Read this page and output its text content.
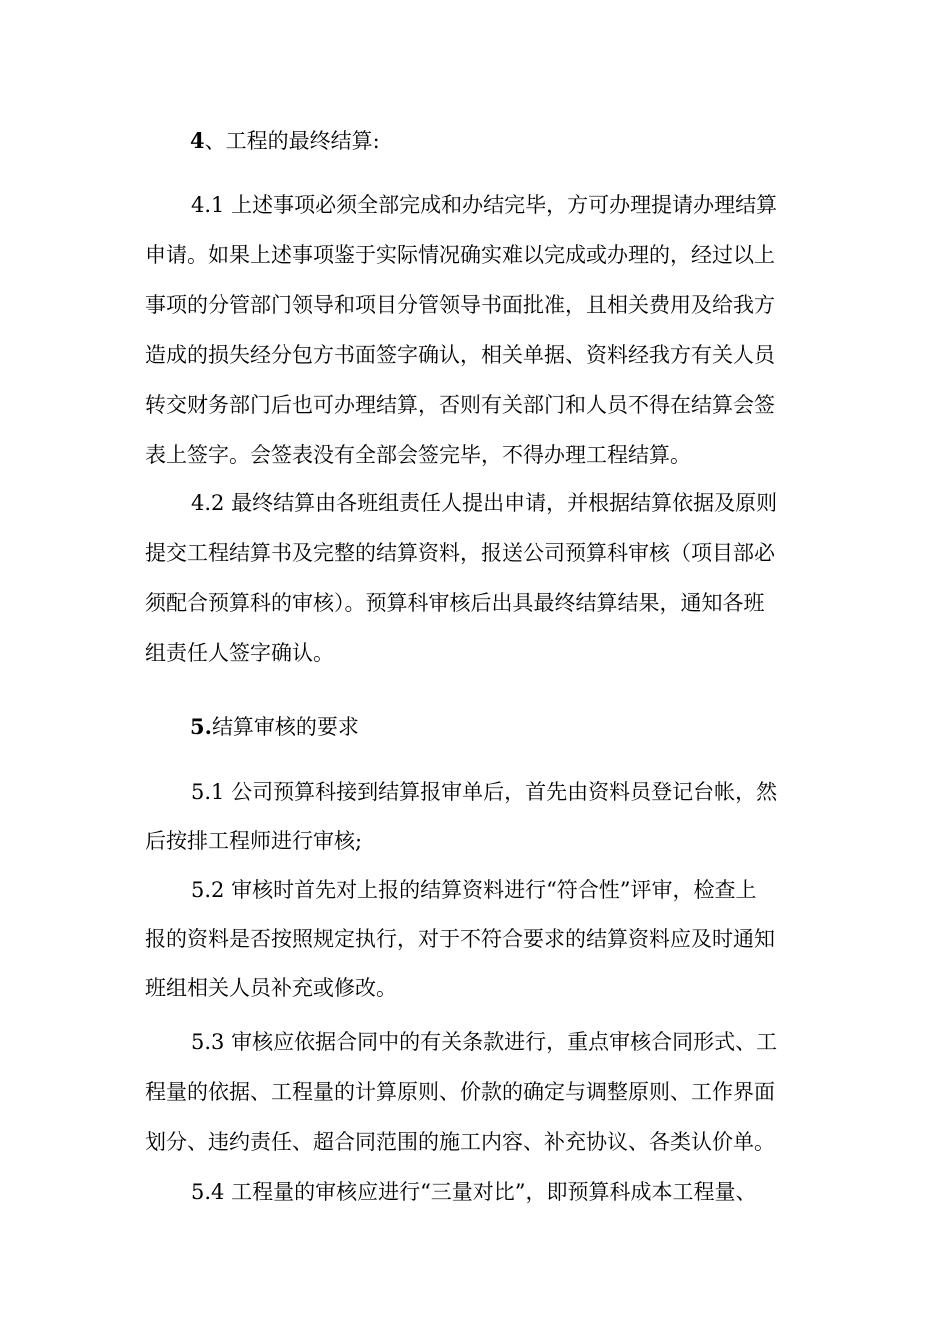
4、工程的最终结算:
4.1 上述事项必须全部完成和办结完毕，方可办理提请办理结算
申请。如果上述事项鉴于实际情况确实难以完成或办理的，经过以上
事项的分管部门领导和项目分管领导书面批准，且相关费用及给我方
造成的损失经分包方书面签字确认，相关单据、资料经我方有关人员
转交财务部门后也可办理结算，否则有关部门和人员不得在结算会签
表上签字。会签表没有全部会签完毕，不得办理工程结算。
4.2 最终结算由各班组责任人提出申请，并根据结算依据及原则
提交工程结算书及完整的结算资料，报送公司预算科审核（项目部必
须配合预算科的审核）。预算科审核后出具最终结算结果，通知各班
组责任人签字确认。
5.结算审核的要求
5.1 公司预算科接到结算报审单后，首先由资料员登记台帐，然
后按排工程师进行审核;
5.2 审核时首先对上报的结算资料进行“符合性”评审，检查上
报的资料是否按照规定执行，对于不符合要求的结算资料应及时通知
班组相关人员补充或修改。
5.3 审核应依据合同中的有关条款进行，重点审核合同形式、工
程量的依据、工程量的计算原则、价款的确定与调整原则、工作界面
划分、违约责任、超合同范围的施工内容、补充协议、各类认价单。
5.4 工程量的审核应进行“三量对比”，即预算科成本工程量、
